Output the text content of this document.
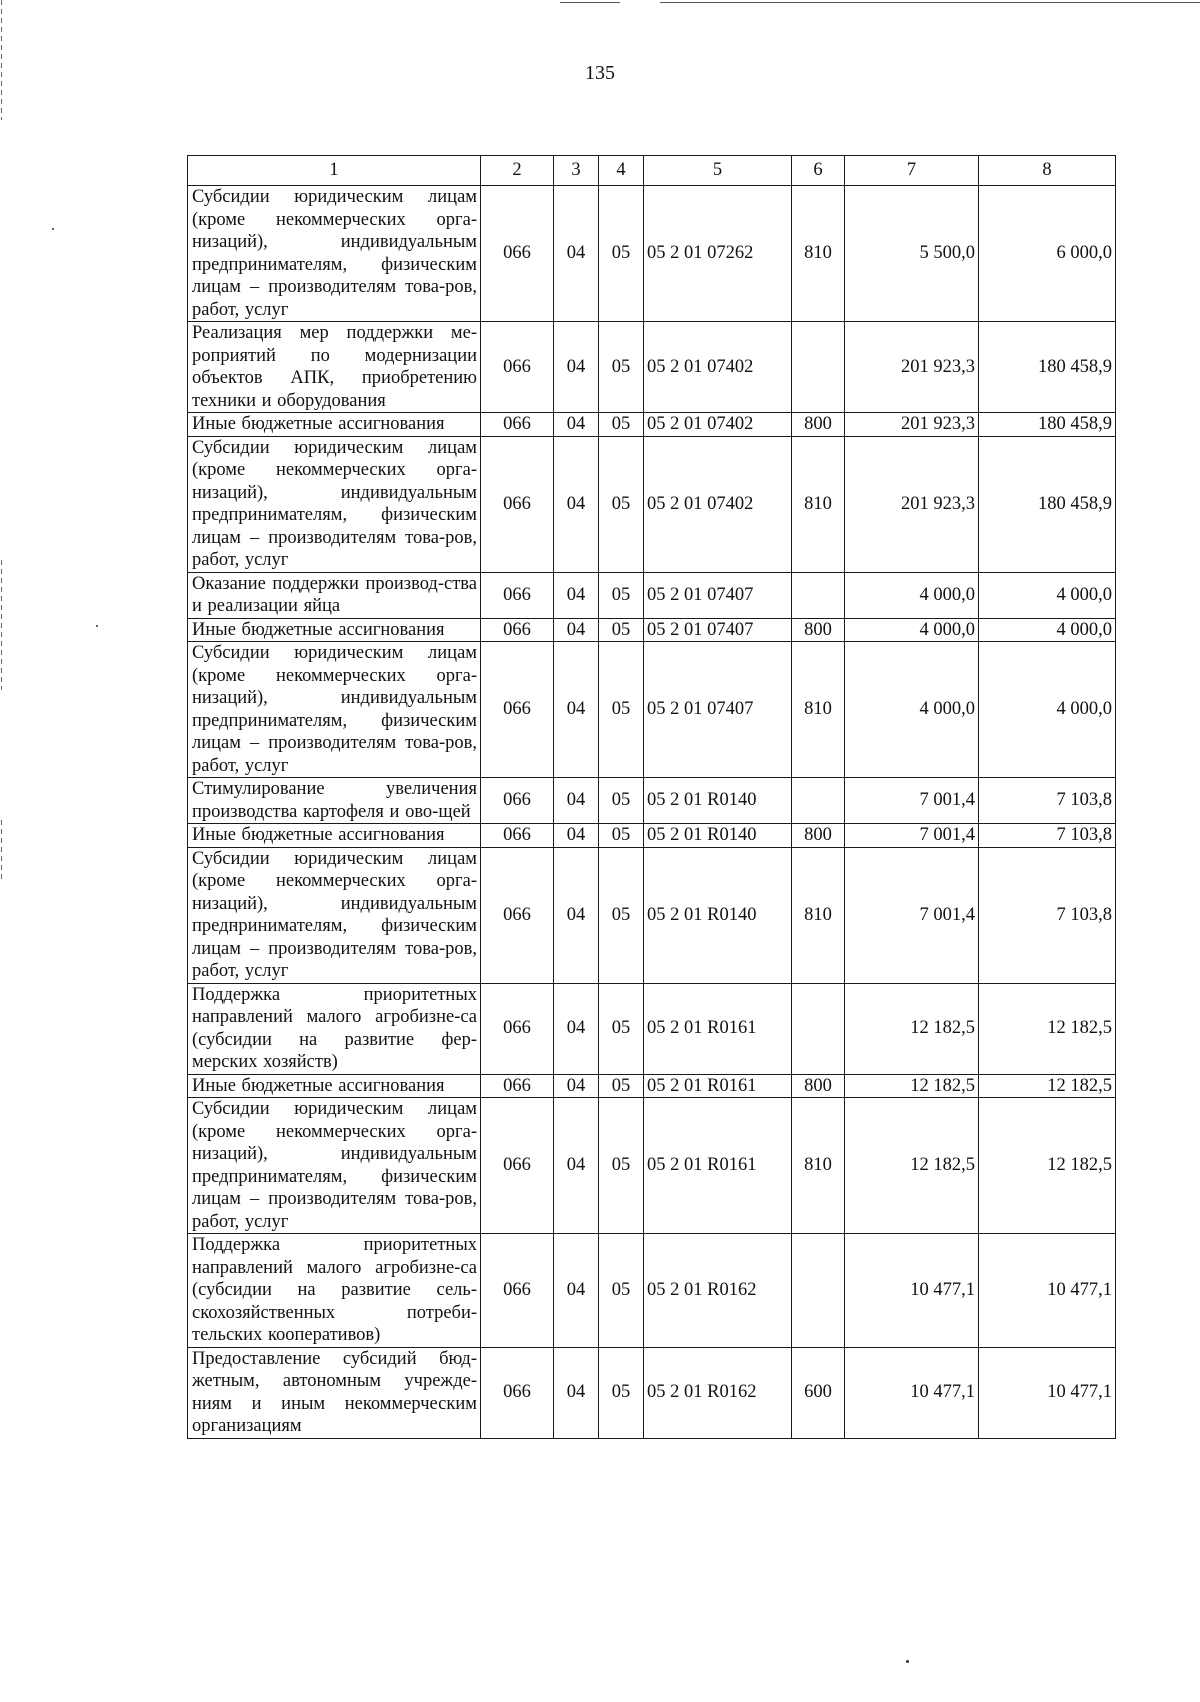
135
1	2	3	4	5	6	7	8
Субсидии юридическим лицам (кроме некоммерческих орга-низаций), индивидуальным предпринимателям, физическим лицам – производителям това-ров, работ, услуг	066	04	05	05 2 01 07262	810	5 500,0	6 000,0
Реализация мер поддержки ме-роприятий по модернизации объектов АПК, приобретению техники и оборудования	066	04	05	05 2 01 07402		201 923,3	180 458,9
Иные бюджетные ассигнования	066	04	05	05 2 01 07402	800	201 923,3	180 458,9
Субсидии юридическим лицам (кроме некоммерческих орга-низаций), индивидуальным предпринимателям, физическим лицам – производителям това-ров, работ, услуг	066	04	05	05 2 01 07402	810	201 923,3	180 458,9
Оказание поддержки производ-ства и реализации яйца	066	04	05	05 2 01 07407		4 000,0	4 000,0
Иные бюджетные ассигнования	066	04	05	05 2 01 07407	800	4 000,0	4 000,0
Субсидии юридическим лицам (кроме некоммерческих орга-низаций), индивидуальным предпринимателям, физическим лицам – производителям това-ров, работ, услуг	066	04	05	05 2 01 07407	810	4 000,0	4 000,0
Стимулирование увеличения производства картофеля и ово-щей	066	04	05	05 2 01 R0140		7 001,4	7 103,8
Иные бюджетные ассигнования	066	04	05	05 2 01 R0140	800	7 001,4	7 103,8
Субсидии юридическим лицам (кроме некоммерческих орга-низаций), индивидуальным предпринимателям, физическим лицам – производителям това-ров, работ, услуг	066	04	05	05 2 01 R0140	810	7 001,4	7 103,8
Поддержка приоритетных направлений малого агробизне-са (субсидии на развитие фер-мерских хозяйств)	066	04	05	05 2 01 R0161		12 182,5	12 182,5
Иные бюджетные ассигнования	066	04	05	05 2 01 R0161	800	12 182,5	12 182,5
Субсидии юридическим лицам (кроме некоммерческих орга-низаций), индивидуальным предпринимателям, физическим лицам – производителям това-ров, работ, услуг	066	04	05	05 2 01 R0161	810	12 182,5	12 182,5
Поддержка приоритетных направлений малого агробизне-са (субсидии на развитие сель-скохозяйственных потреби-тельских кооперативов)	066	04	05	05 2 01 R0162		10 477,1	10 477,1
Предоставление субсидий бюд-жетным, автономным учрежде-ниям и иным некоммерческим организациям	066	04	05	05 2 01 R0162	600	10 477,1	10 477,1
